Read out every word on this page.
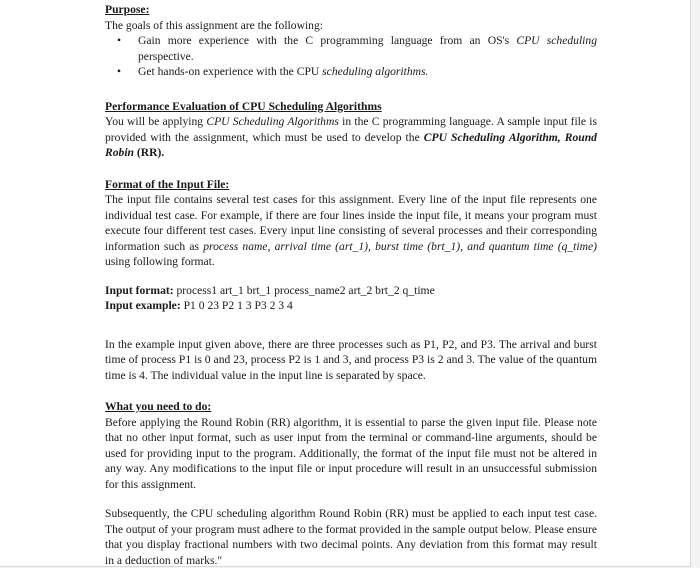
Purpose:

The goals of this assignment are the following:

• Gain more experience with the C programming language from an OS's CPU scheduling perspective.
• Get hands-on experience with the CPU scheduling algorithms.

Performance Evaluation of CPU Scheduling Algorithms

You will be applying CPU Scheduling Algorithms in the C programming language. A sample input file is provided with the assignment, which must be used to develop the CPU Scheduling Algorithm, Round Robin (RR).

Format of the Input File:

The input file contains several test cases for this assignment. Every line of the input file represents one individual test case. For example, if there are four lines inside the input file, it means your program must execute four different test cases. Every input line consisting of several processes and their corresponding information such as process name, arrival time (art_1), burst time (brt_1), and quantum time (q_time) using following format.

Input format: process1 art_1 brt_1 process_name2 art_2 brt_2 q_time

Input example: P1 0 23 P2 1 3 P3 2 3 4

In the example input given above, there are three processes such as P1, P2, and P3. The arrival and burst time of process P1 is 0 and 23, process P2 is 1 and 3, and process P3 is 2 and 3. The value of the quantum time is 4. The individual value in the input line is separated by space.

What you need to do:

Before applying the Round Robin (RR) algorithm, it is essential to parse the given input file. Please note that no other input format, such as user input from the terminal or command-line arguments, should be used for providing input to the program. Additionally, the format of the input file must not be altered in any way. Any modifications to the input file or input procedure will result in an unsuccessful submission for this assignment.

Subsequently, the CPU scheduling algorithm Round Robin (RR) must be applied to each input test case. The output of your program must adhere to the format provided in the sample output below. Please ensure that you display fractional numbers with two decimal points. Any deviation from this format may result in a deduction of marks."
